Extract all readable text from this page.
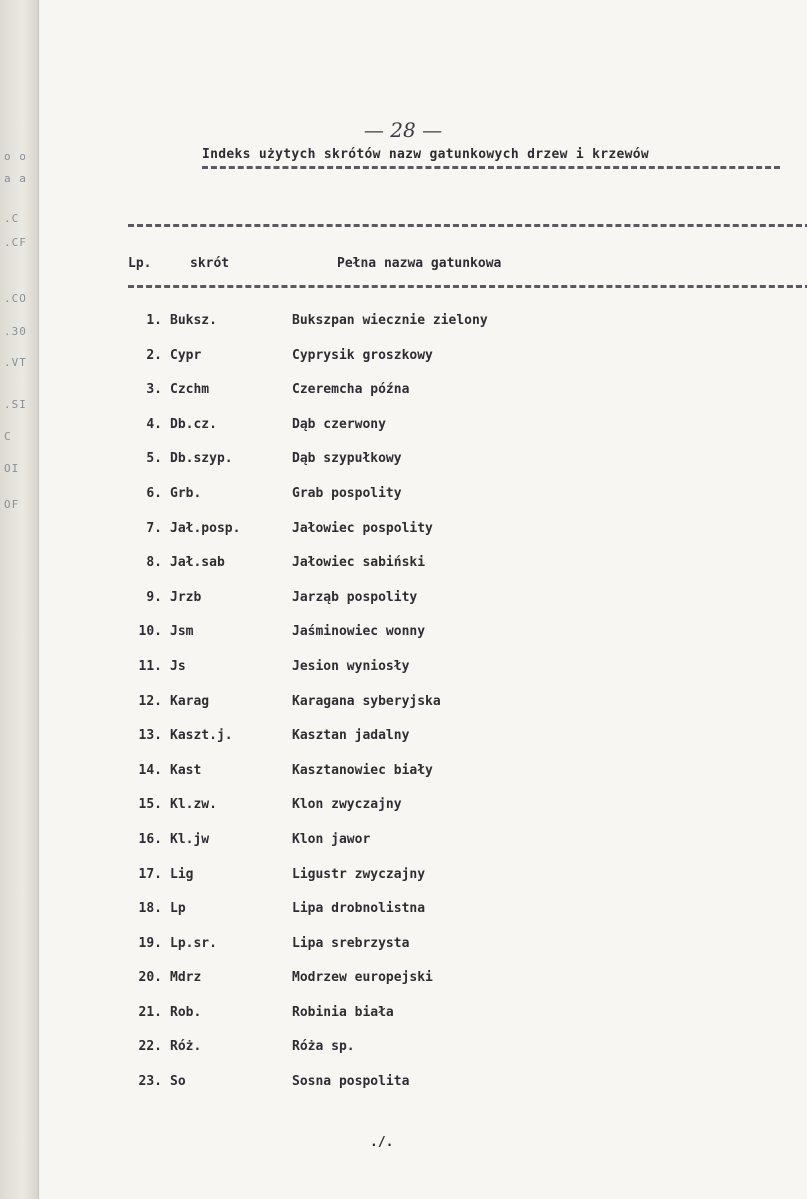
o o
a a
.C
.CF
.CO
.30
.VT
.SI
C
OI
OF
— 28 —
Indeks użytych skrótów nazw gatunkowych drzew i krzewów
Lp.	skrót	Pełna nazwa gatunkowa
1. Buksz.	Bukszpan wiecznie zielony
2. Cypr	Cyprysik groszkowy
3. Czchm	Czeremcha późna
4. Db.cz.	Dąb czerwony
5. Db.szyp.	Dąb szypułkowy
6. Grb.	Grab pospolity
7. Jał.posp.	Jałowiec pospolity
8. Jał.sab	Jałowiec sabiński
9. Jrzb	Jarząb pospolity
10. Jsm	Jaśminowiec wonny
11. Js	Jesion wyniosły
12. Karag	Karagana syberyjska
13. Kaszt.j.	Kasztan jadalny
14. Kast	Kasztanowiec biały
15. Kl.zw.	Klon zwyczajny
16. Kl.jw	Klon jawor
17. Lig	Ligustr zwyczajny
18. Lp	Lipa drobnolistna
19. Lp.sr.	Lipa srebrzysta
20. Mdrz	Modrzew europejski
21. Rob.	Robinia biała
22. Róż.	Róża sp.
23. So	Sosna pospolita
./.
